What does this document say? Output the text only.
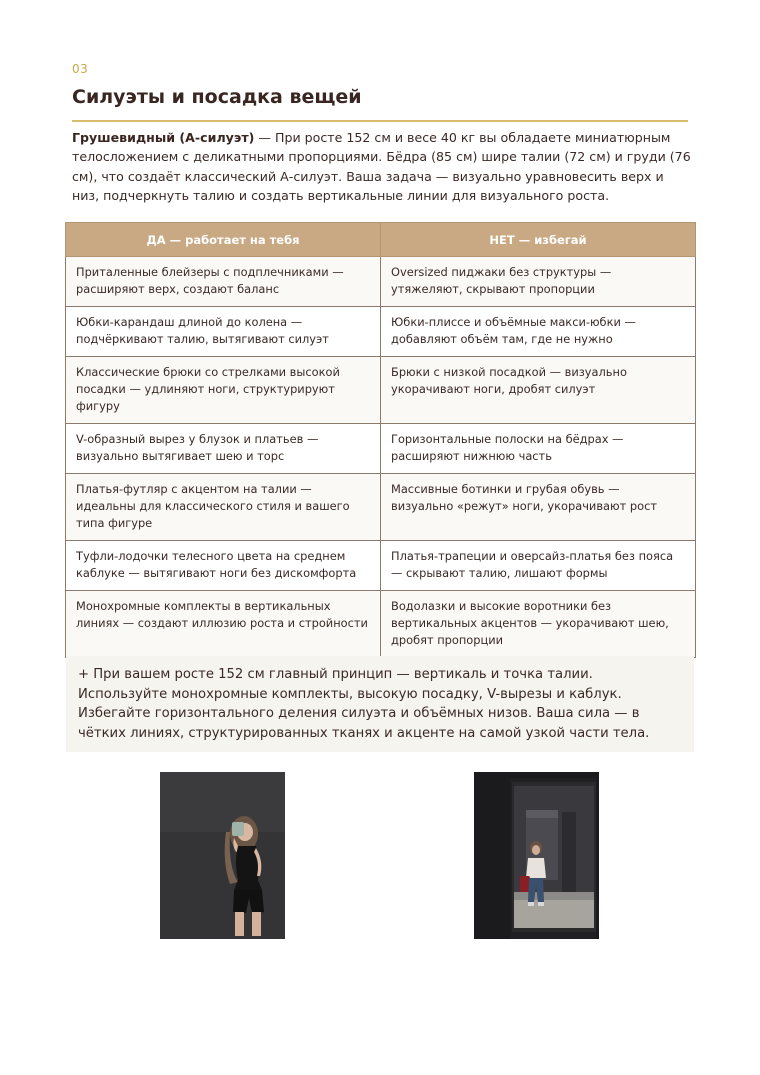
03
Силуэты и посадка вещей

Грушевидный (А-силуэт) — При росте 152 см и весе 40 кг вы обладаете миниатюрным телосложением с деликатными пропорциями. Бёдра (85 см) шире талии (72 см) и груди (76 см), что создаёт классический А-силуэт. Ваша задача — визуально уравновесить верх и низ, подчеркнуть талию и создать вертикальные линии для визуального роста.

ДА — работает на тебя	НЕТ — избегай
Приталенные блейзеры с подплечниками — расширяют верх, создают баланс	Oversized пиджаки без структуры — утяжеляют, скрывают пропорции
Юбки-карандаш длиной до колена — подчёркивают талию, вытягивают силуэт	Юбки-плиссе и объёмные макси-юбки — добавляют объём там, где не нужно
Классические брюки со стрелками высокой посадки — удлиняют ноги, структурируют фигуру	Брюки с низкой посадкой — визуально укорачивают ноги, дробят силуэт
V-образный вырез у блузок и платьев — визуально вытягивает шею и торс	Горизонтальные полоски на бёдрах — расширяют нижнюю часть
Платья-футляр с акцентом на талии — идеальны для классического стиля и вашего типа фигуре	Массивные ботинки и грубая обувь — визуально «режут» ноги, укорачивают рост
Туфли-лодочки телесного цвета на среднем каблуке — вытягивают ноги без дискомфорта	Платья-трапеции и оверсайз-платья без пояса — скрывают талию, лишают формы
Монохромные комплекты в вертикальных линиях — создают иллюзию роста и стройности	Водолазки и высокие воротники без вертикальных акцентов — укорачивают шею, дробят пропорции
+ При вашем росте 152 см главный принцип — вертикаль и точка талии. Используйте монохромные комплекты, высокую посадку, V-вырезы и каблук. Избегайте горизонтального деления силуэта и объёмных низов. Ваша сила — в чётких линиях, структурированных тканях и акценте на самой узкой части тела.
